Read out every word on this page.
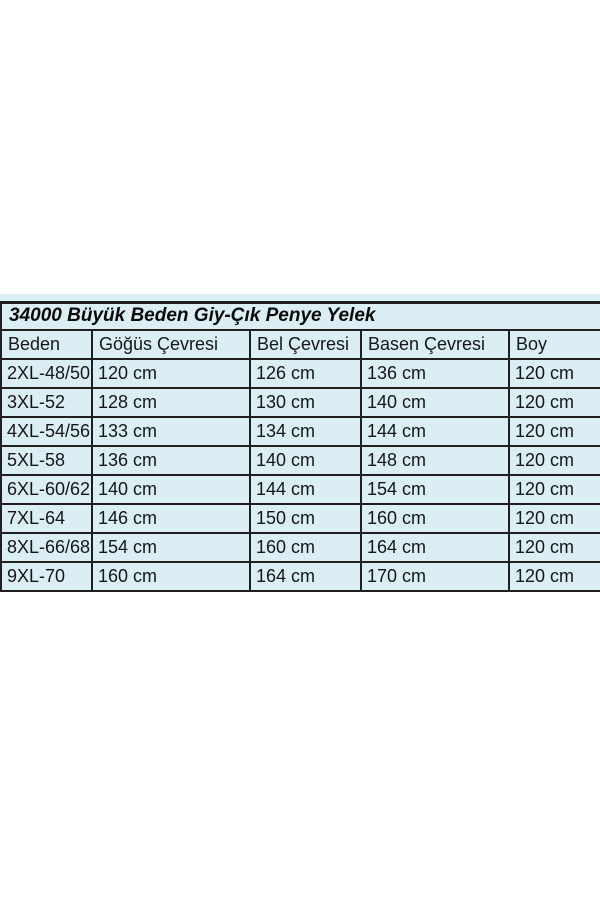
34000 Büyük Beden Giy-Çık Penye Yelek				
Beden	Göğüs Çevresi	Bel Çevresi	Basen Çevresi	Boy
2XL-48/50	120 cm	126 cm	136 cm	120 cm
3XL-52	128 cm	130 cm	140 cm	120 cm
4XL-54/56	133 cm	134 cm	144 cm	120 cm
5XL-58	136 cm	140 cm	148 cm	120 cm
6XL-60/62	140 cm	144 cm	154 cm	120 cm
7XL-64	146 cm	150 cm	160 cm	120 cm
8XL-66/68	154 cm	160 cm	164 cm	120 cm
9XL-70	160 cm	164 cm	170 cm	120 cm
